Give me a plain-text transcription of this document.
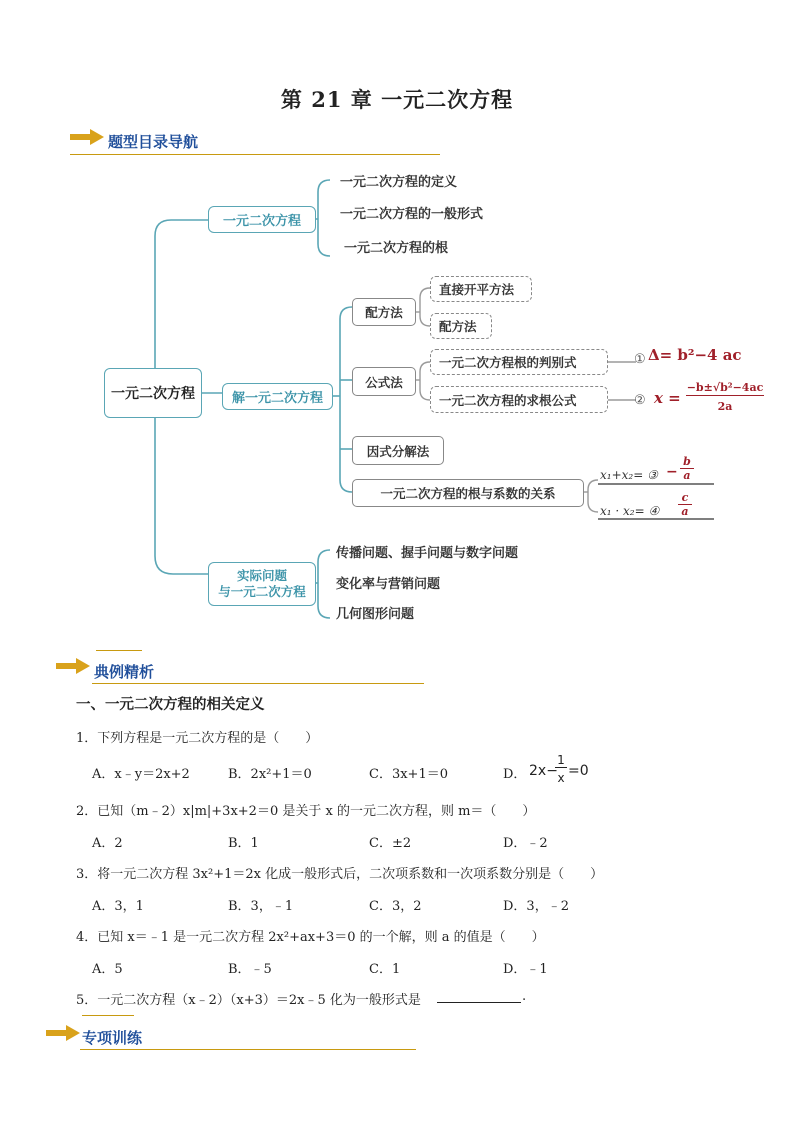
第 21 章 一元二次方程
题型目录导航
一元二次方程
一元二次方程
一元二次方程的定义
一元二次方程的一般形式
一元二次方程的根
解一元二次方程
配方法
直接开平方法
配方法
公式法
一元二次方程根的判别式
一元二次方程的求根公式
① Δ= b²−4 ac
② x =
−b±√b²−4ac
2a
因式分解法
一元二次方程的根与系数的关系
x₁+x₂= ③ −
b
a
x₁ · x₂= ④
c
a
实际问题
与一元二次方程
传播问题、握手问题与数字问题
变化率与营销问题
几何图形问题
典例精析
一、一元二次方程的相关定义
1．下列方程是一元二次方程的是（　　）
A．x﹣y＝2x+2	B．2x²+1＝0	C．3x+1＝0	D． 2x−
1
x =0
2．已知（m﹣2）x|m|+3x+2＝0 是关于 x 的一元二次方程，则 m＝（　　）
A．2	B．1	C．±2	D．﹣2
3．将一元二次方程 3x²+1＝2x 化成一般形式后，二次项系数和一次项系数分别是（　　）
A．3，1	B．3，﹣1	C．3，2	D．3，﹣2
4．已知 x＝﹣1 是一元二次方程 2x²+ax+3＝0 的一个解，则 a 的值是（　　）
A．5	B．﹣5	C．1	D．﹣1
5．一元二次方程（x﹣2）（x+3）＝2x﹣5 化为一般形式是	.
专项训练
